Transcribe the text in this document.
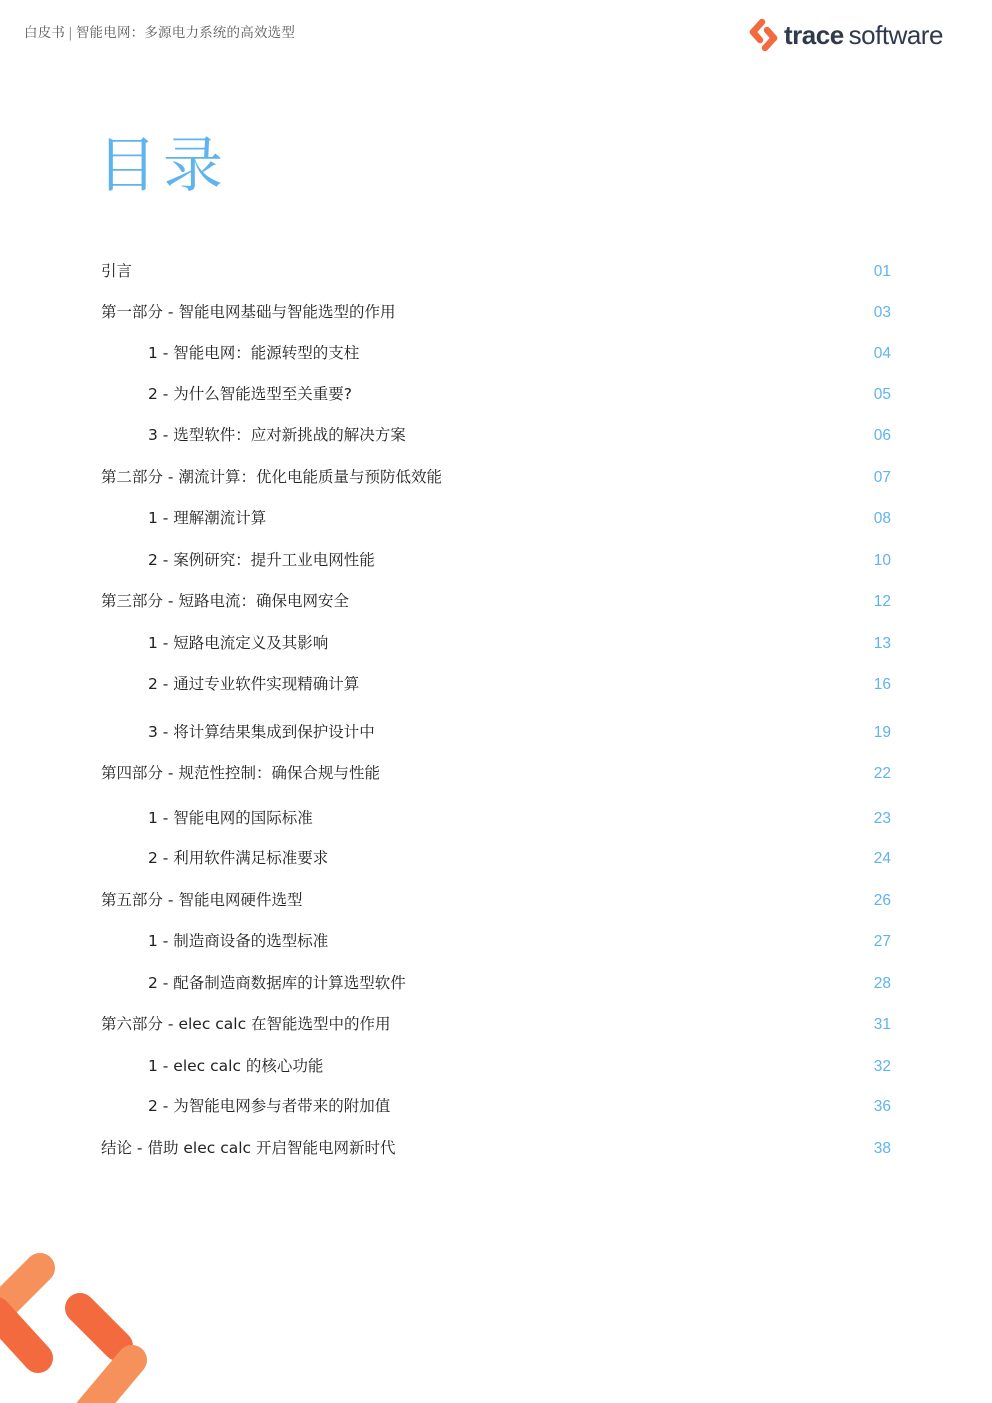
白皮书 | 智能电网：多源电力系统的高效选型	trace software
目录
引言	01
第一部分 - 智能电网基础与智能选型的作用	03
1 - 智能电网：能源转型的支柱	04
2 - 为什么智能选型至关重要?	05
3 - 选型软件：应对新挑战的解决方案	06
第二部分 - 潮流计算：优化电能质量与预防低效能	07
1 - 理解潮流计算	08
2 - 案例研究：提升工业电网性能	10
第三部分 - 短路电流：确保电网安全	12
1 - 短路电流定义及其影响	13
2 - 通过专业软件实现精确计算	16
3 - 将计算结果集成到保护设计中	19
第四部分 - 规范性控制：确保合规与性能	22
1 - 智能电网的国际标准	23
2 - 利用软件满足标准要求	24
第五部分 - 智能电网硬件选型	26
1 - 制造商设备的选型标准	27
2 - 配备制造商数据库的计算选型软件	28
第六部分 - elec calc 在智能选型中的作用	31
1 - elec calc 的核心功能	32
2 - 为智能电网参与者带来的附加值	36
结论 - 借助 elec calc 开启智能电网新时代	38
